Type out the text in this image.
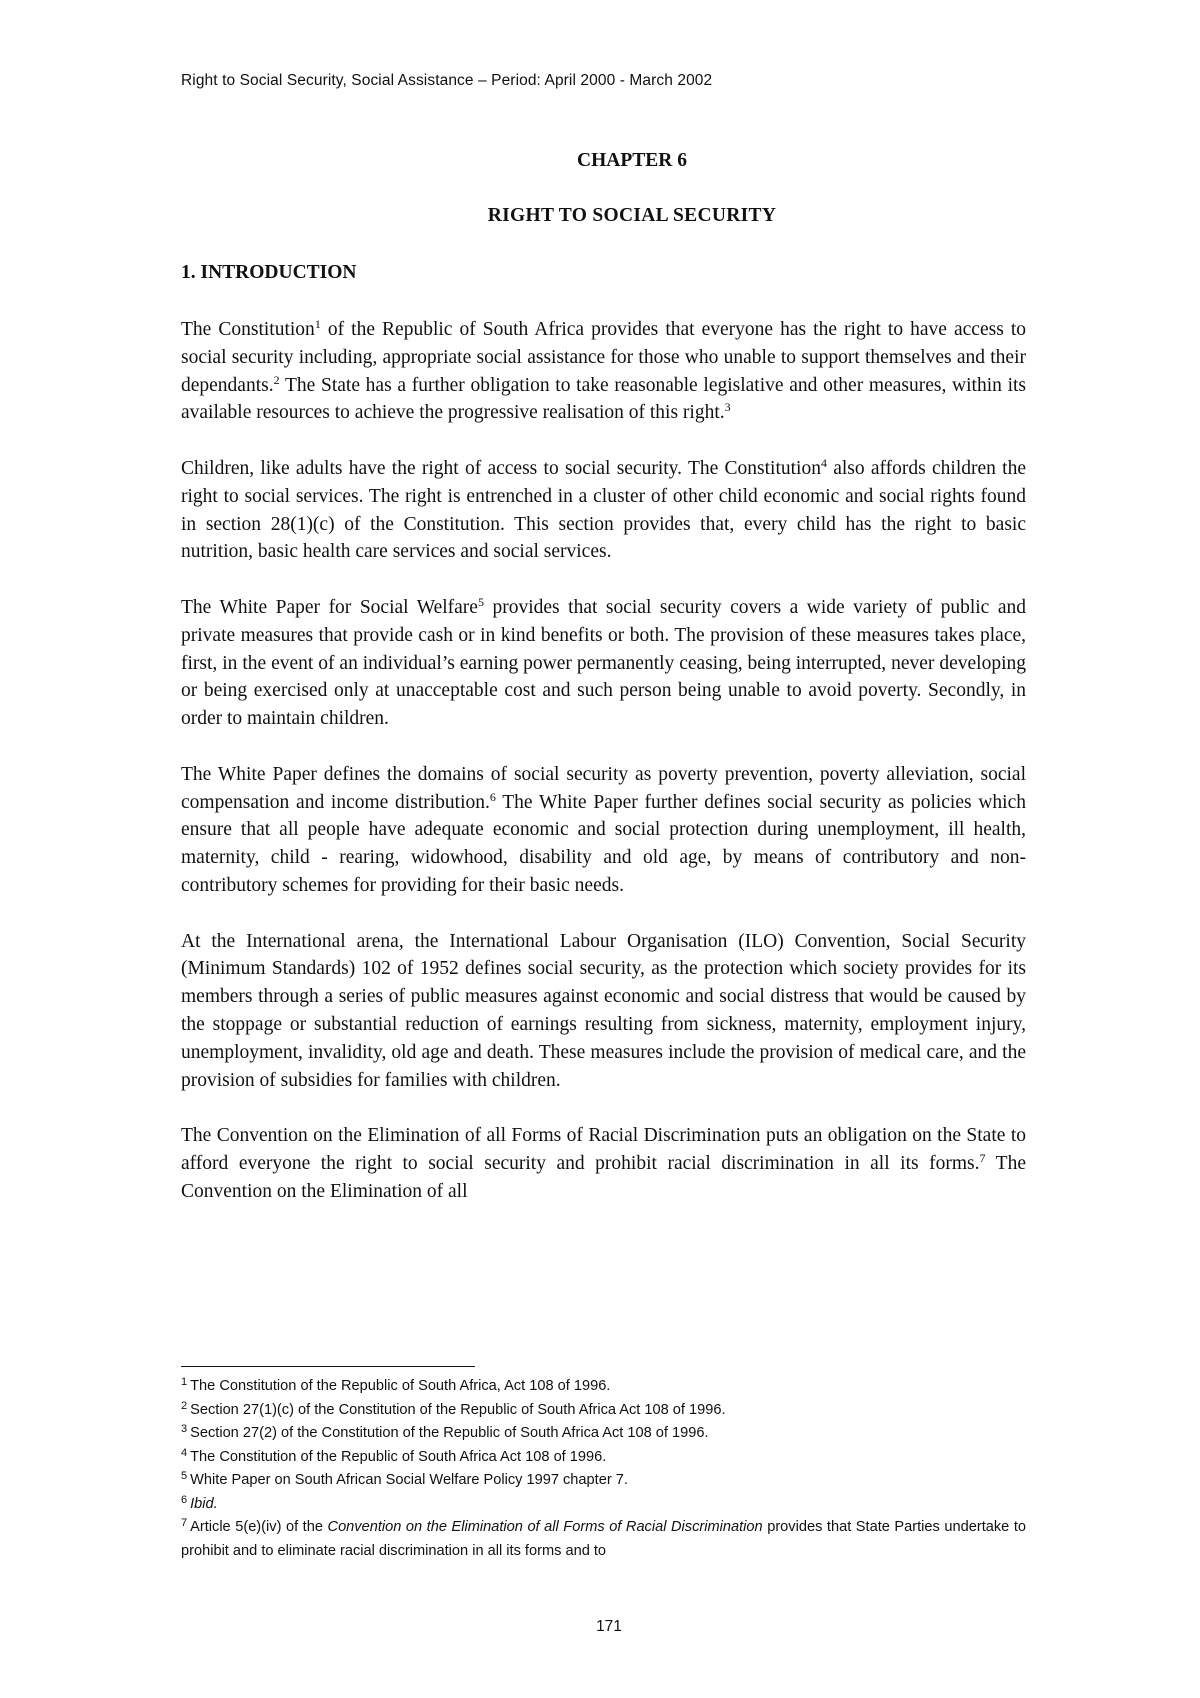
Right to Social Security, Social Assistance – Period: April 2000 - March 2002
CHAPTER 6
RIGHT TO SOCIAL SECURITY
1. INTRODUCTION

The Constitution$^1$ of the Republic of South Africa provides that everyone has the right to have access to social security including, appropriate social assistance for those who unable to support themselves and their dependants.$^2$ The State has a further obligation to take reasonable legislative and other measures, within its available resources to achieve the progressive realisation of this right.$^3$

Children, like adults have the right of access to social security. The Constitution$^4$ also affords children the right to social services. The right is entrenched in a cluster of other child economic and social rights found in section 28(1)(c) of the Constitution. This section provides that, every child has the right to basic nutrition, basic health care services and social services.

The White Paper for Social Welfare$^5$ provides that social security covers a wide variety of public and private measures that provide cash or in kind benefits or both. The provision of these measures takes place, first, in the event of an individual’s earning power permanently ceasing, being interrupted, never developing or being exercised only at unacceptable cost and such person being unable to avoid poverty. Secondly, in order to maintain children.

The White Paper defines the domains of social security as poverty prevention, poverty alleviation, social compensation and income distribution.$^6$ The White Paper further defines social security as policies which ensure that all people have adequate economic and social protection during unemployment, ill health, maternity, child - rearing, widowhood, disability and old age, by means of contributory and non-contributory schemes for providing for their basic needs.

At the International arena, the International Labour Organisation (ILO) Convention, Social Security (Minimum Standards) 102 of 1952 defines social security, as the protection which society provides for its members through a series of public measures against economic and social distress that would be caused by the stoppage or substantial reduction of earnings resulting from sickness, maternity, employment injury, unemployment, invalidity, old age and death. These measures include the provision of medical care, and the provision of subsidies for families with children.

The Convention on the Elimination of all Forms of Racial Discrimination puts an obligation on the State to afford everyone the right to social security and prohibit racial discrimination in all its forms.$^7$ The Convention on the Elimination of all

$^1$ The Constitution of the Republic of South Africa, Act 108 of 1996.

$^2$ Section 27(1)(c) of the Constitution of the Republic of South Africa Act 108 of 1996.

$^3$ Section 27(2) of the Constitution of the Republic of South Africa Act 108 of 1996.

$^4$ The Constitution of the Republic of South Africa Act 108 of 1996.

$^5$ White Paper on South African Social Welfare Policy 1997 chapter 7.

$^6$ Ibid.

$^7$ Article 5(e)(iv) of the Convention on the Elimination of all Forms of Racial Discrimination provides that State Parties undertake to prohibit and to eliminate racial discrimination in all its forms and to

171
